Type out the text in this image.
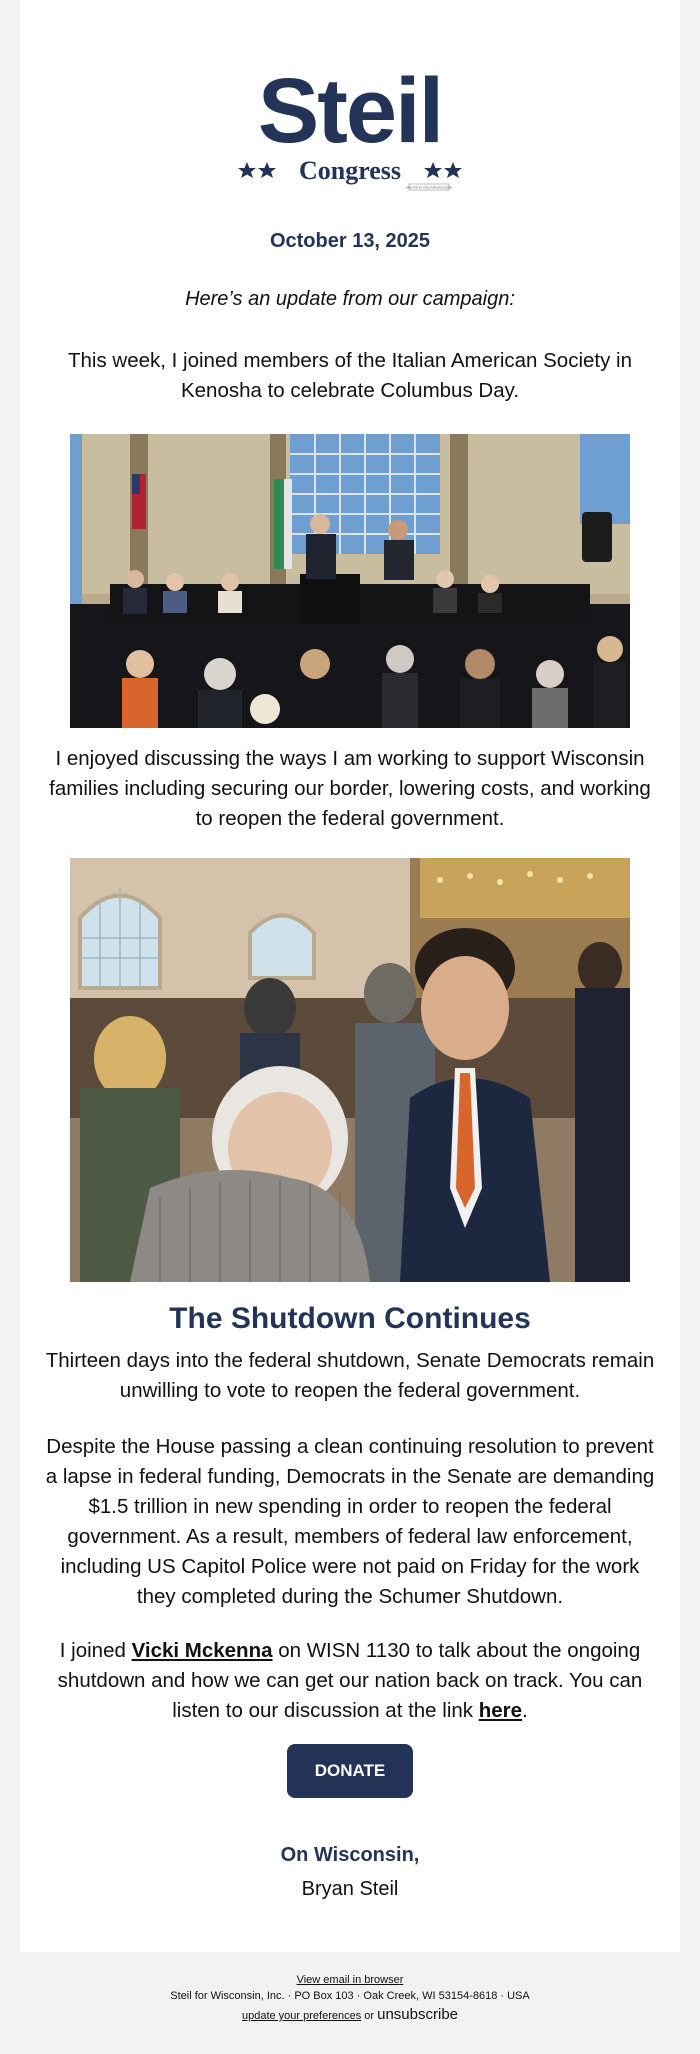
Steil
Congress
PAID FOR BY STEIL FOR WISCONSIN
October 13, 2025
Here’s an update from our campaign:
This week, I joined members of the Italian American Society in Kenosha to celebrate Columbus Day.
I enjoyed discussing the ways I am working to support Wisconsin families including securing our border, lowering costs, and working to reopen the federal government.
The Shutdown Continues
Thirteen days into the federal shutdown, Senate Democrats remain unwilling to vote to reopen the federal government.
Despite the House passing a clean continuing resolution to prevent a lapse in federal funding, Democrats in the Senate are demanding $1.5 trillion in new spending in order to reopen the federal government. As a result, members of federal law enforcement, including US Capitol Police were not paid on Friday for the work they completed during the Schumer Shutdown.
I joined Vicki Mckenna on WISN 1130 to talk about the ongoing shutdown and how we can get our nation back on track. You can listen to our discussion at the link here.
DONATE
On Wisconsin,
Bryan Steil
View email in browser
Steil for Wisconsin, Inc. · PO Box 103 · Oak Creek, WI 53154-8618 · USA
update your preferences or unsubscribe
